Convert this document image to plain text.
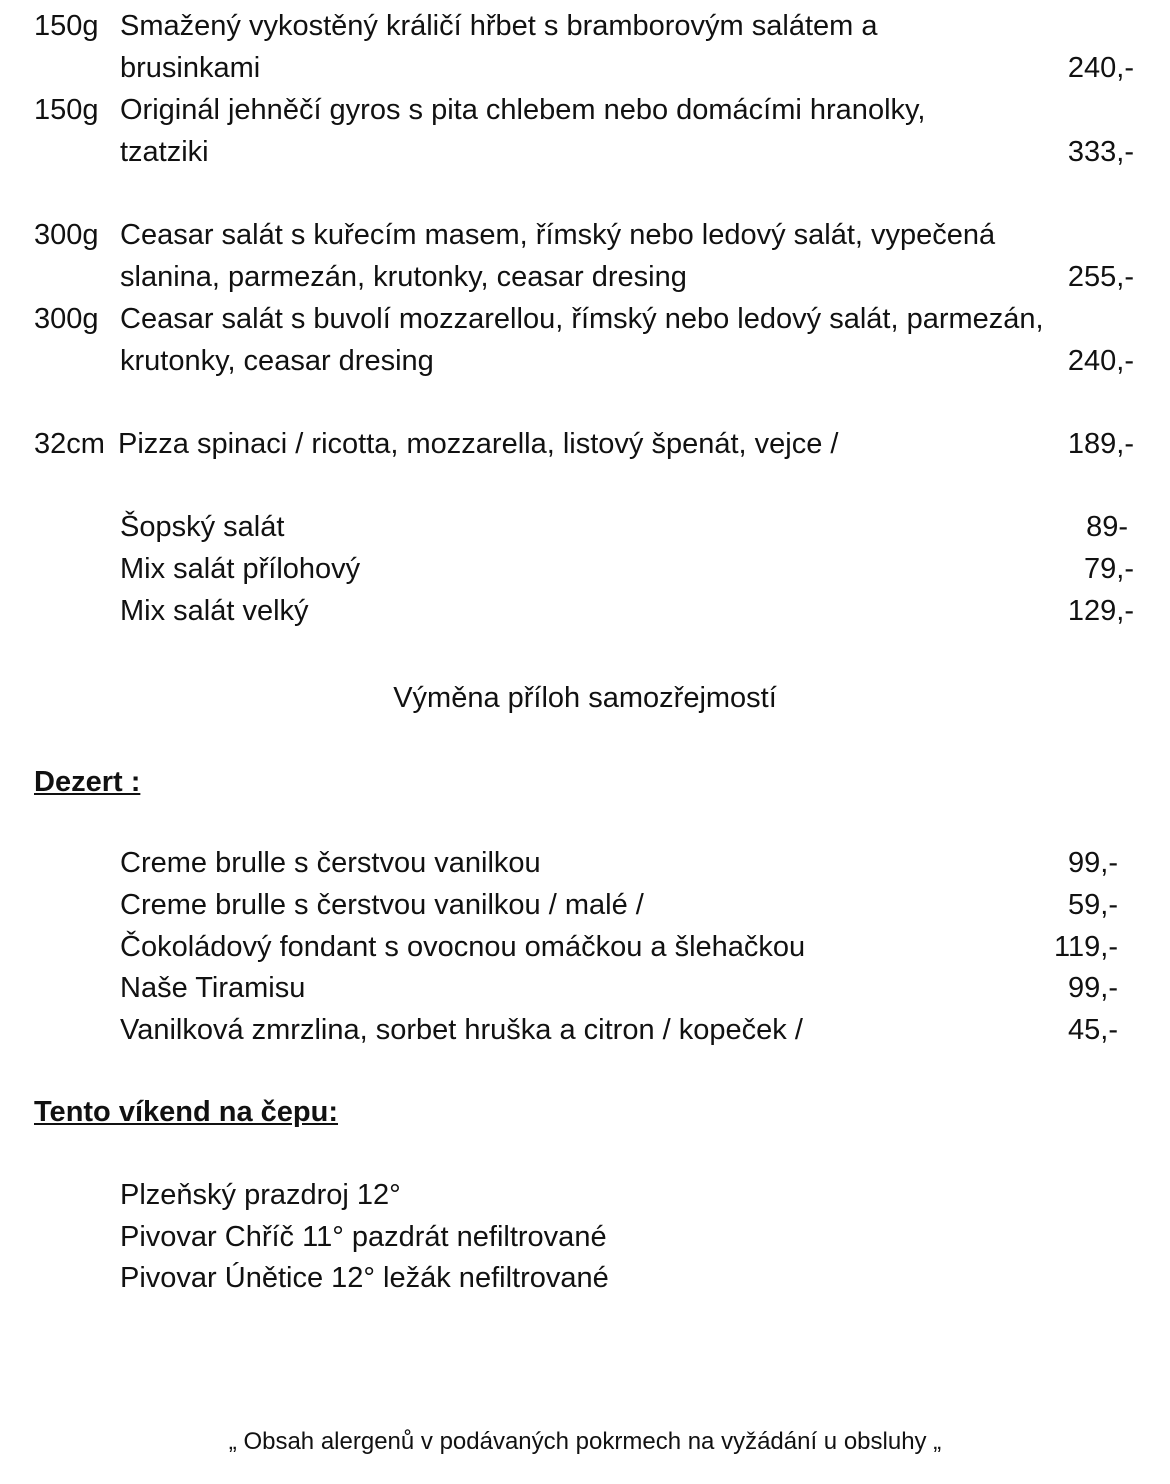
150g Smažený vykostěný králičí hřbet s bramborovým salátem a
brusinkami	240,-
150g Originál jehněčí gyros s pita chlebem nebo domácími hranolky,
tzatziki	333,-
300g Ceasar salát s kuřecím masem, římský nebo ledový salát, vypečená
slanina, parmezán, krutonky, ceasar dresing	255,-
300g Ceasar salát s buvolí mozzarellou, římský nebo ledový salát, parmezán,
krutonky, ceasar dresing	240,-
32cm Pizza spinaci / ricotta, mozzarella, listový špenát, vejce /	189,-
Šopský salát	89-
Mix salát přílohový	79,-
Mix salát velký	129,-
Výměna příloh samozřejmostí
Dezert :
Creme brulle s čerstvou vanilkou	99,-
Creme brulle s čerstvou vanilkou / malé /	59,-
Čokoládový fondant s ovocnou omáčkou a šlehačkou	119,-
Naše Tiramisu	99,-
Vanilková zmrzlina, sorbet hruška a citron / kopeček /	45,-
Tento víkend na čepu:
Plzeňský prazdroj 12°
Pivovar Chříč 11° pazdrát nefiltrované
Pivovar Únětice 12° ležák nefiltrované
„ Obsah alergenů v podávaných pokrmech na vyžádání u obsluhy „
